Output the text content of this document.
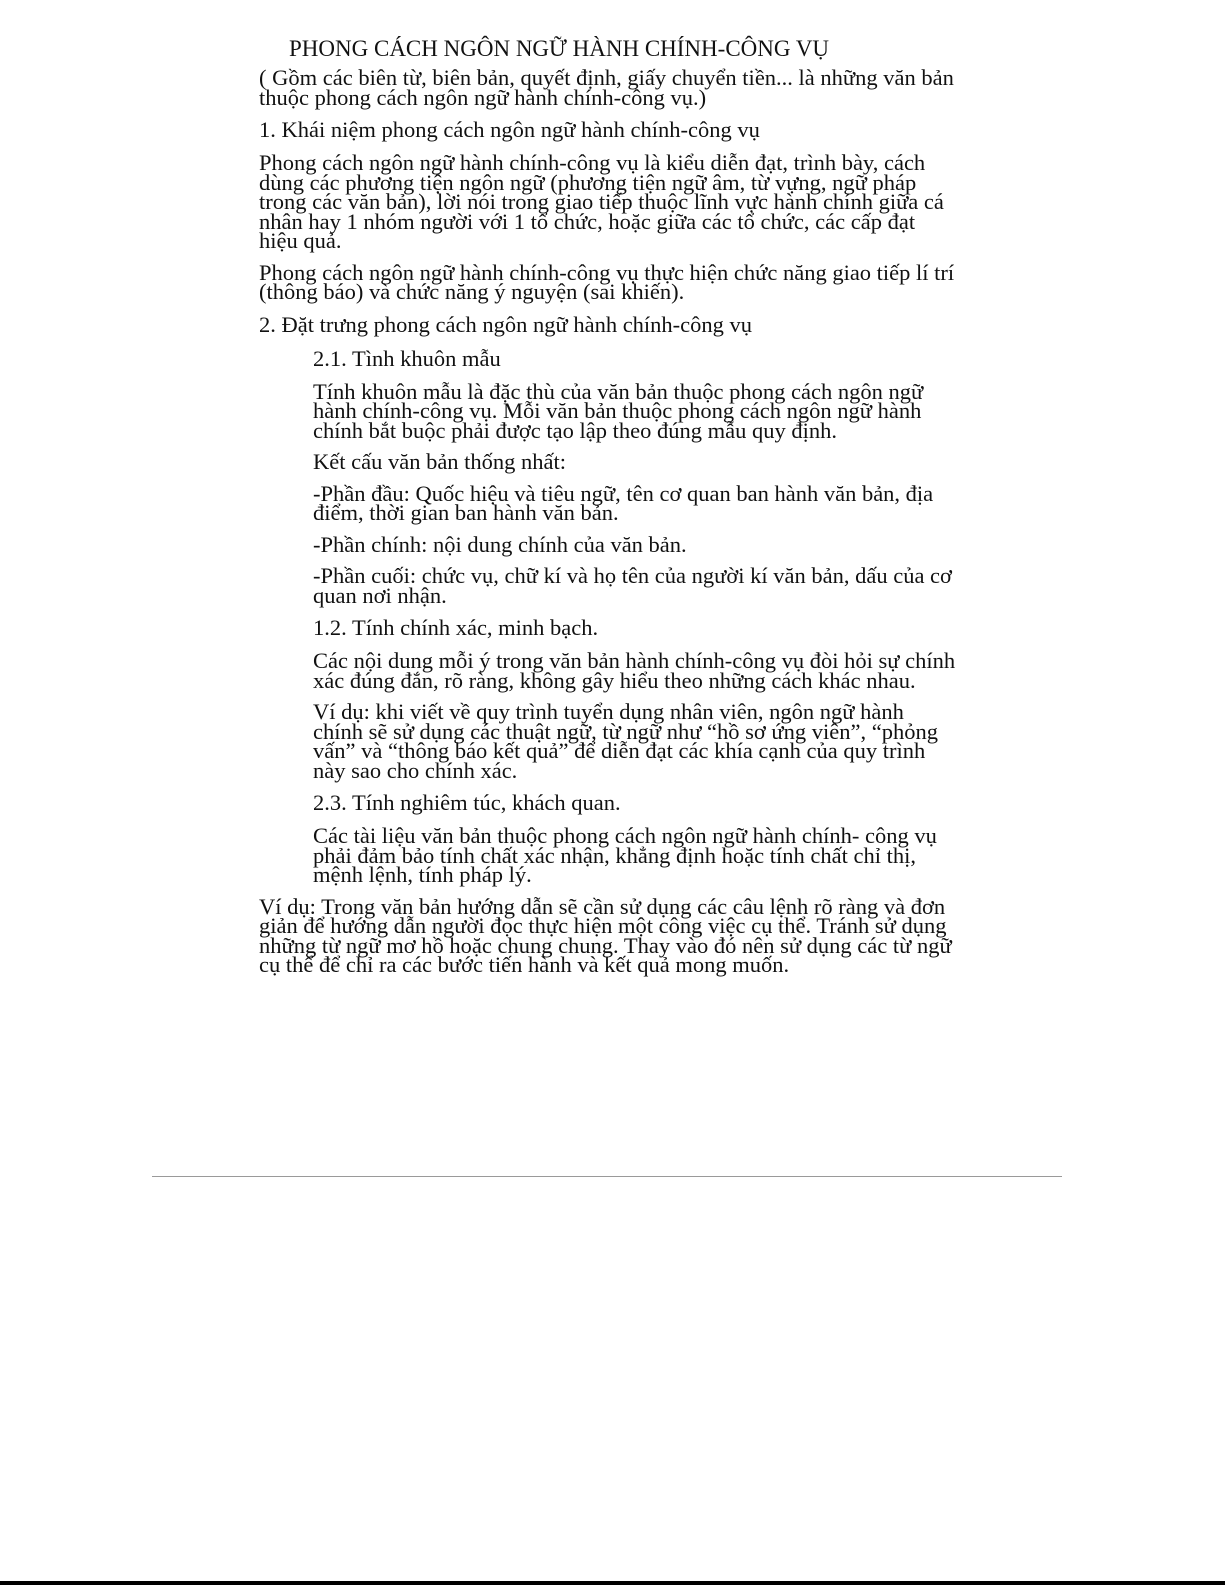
PHONG CÁCH NGÔN NGỮ HÀNH CHÍNH-CÔNG VỤ

( Gồm các biên từ, biên bản, quyết định, giấy chuyển tiền... là những văn bản thuộc phong cách ngôn ngữ hành chính-công vụ.)

1. Khái niệm phong cách ngôn ngữ hành chính-công vụ

Phong cách ngôn ngữ hành chính-công vụ là kiểu diễn đạt, trình bày, cách dùng các phương tiện ngôn ngữ (phương tiện ngữ âm, từ vựng, ngữ pháp trong các văn bản), lời nói trong giao tiếp thuộc lĩnh vực hành chính giữa cá nhân hay 1 nhóm người với 1 tổ chức, hoặc giữa các tổ chức, các cấp đạt hiệu quả.

Phong cách ngôn ngữ hành chính-công vụ thực hiện chức năng giao tiếp lí trí (thông báo) và chức năng ý nguyện (sai khiến).

2. Đặt trưng phong cách ngôn ngữ hành chính-công vụ

2.1. Tình khuôn mẫu

Tính khuôn mẫu là đặc thù của văn bản thuộc phong cách ngôn ngữ hành chính-công vụ. Mỗi văn bản thuộc phong cách ngôn ngữ hành chính bắt buộc phải được tạo lập theo đúng mẫu quy định.

Kết cấu văn bản thống nhất:

-Phần đầu: Quốc hiệu và tiêu ngữ, tên cơ quan ban hành văn bản, địa điểm, thời gian ban hành văn bản.

-Phần chính: nội dung chính của văn bản.

-Phần cuối: chức vụ, chữ kí và họ tên của người kí văn bản, dấu của cơ quan nơi nhận.

1.2. Tính chính xác, minh bạch.

Các nội dung mỗi ý trong văn bản hành chính-công vụ đòi hỏi sự chính xác đúng đắn, rõ ràng, không gây hiểu theo những cách khác nhau.

Ví dụ: khi viết về quy trình tuyển dụng nhân viên, ngôn ngữ hành chính sẽ sử dụng các thuật ngữ, từ ngữ như “hồ sơ ứng viên”, “phỏng vấn” và “thông báo kết quả” để diễn đạt các khía cạnh của quy trình này sao cho chính xác.

2.3. Tính nghiêm túc, khách quan.

Các tài liệu văn bản thuộc phong cách ngôn ngữ hành chính- công vụ phải đảm bảo tính chất xác nhận, khẳng định hoặc tính chất chỉ thị, mệnh lệnh, tính pháp lý.

Ví dụ: Trong văn bản hướng dẫn sẽ cần sử dụng các câu lệnh rõ ràng và đơn giản để hướng dẫn người đọc thực hiện một công việc cụ thể. Tránh sử dụng những từ ngữ mơ hồ hoặc chung chung. Thay vào đó nên sử dụng các từ ngữ cụ thể để chỉ ra các bước tiến hành và kết quả mong muốn.
